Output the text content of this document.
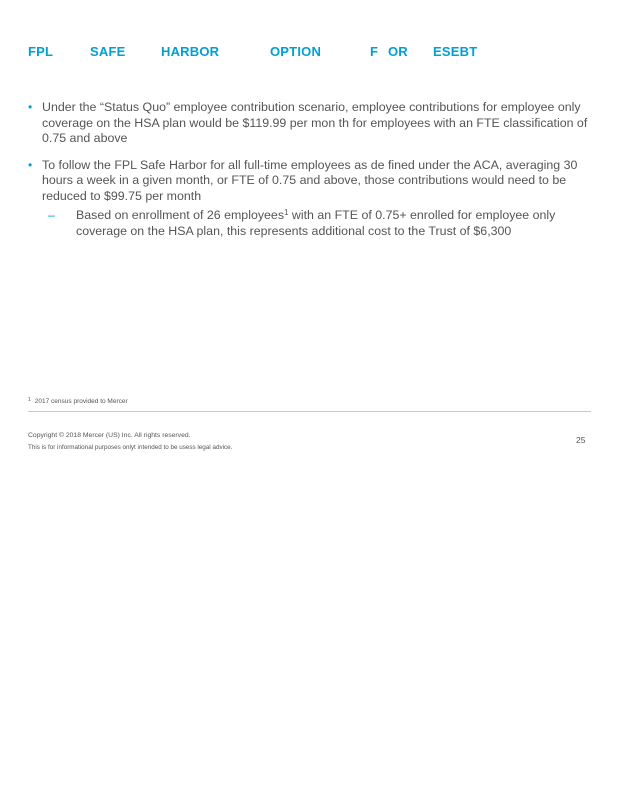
FPL	SAFE	HARBOR	OPTION	F OR ESEBT
• Under the “Status Quo” employee contribution scenario, employee contributions for employee only coverage on the HSA plan would be $119.99 per mon th for employees with an FTE classification of 0.75 and above
• To follow the FPL Safe Harbor for all full-time employees as de fined under the ACA, averaging 30 hours a week in a given month, or FTE of 0.75 and above, those contributions would need to be reduced to $99.75 per month
– Based on enrollment of 26 employees$^1$ with an FTE of 0.75+ enrolled for employee only coverage on the HSA plan, this represents additional cost to the Trust of $6,300
$^1$ 2017 census provided to Mercer
Copyright © 2018 Mercer (US) Inc. All rights reserved.
This is for informational purposes onlyt intended to be usess legal advice.
25
